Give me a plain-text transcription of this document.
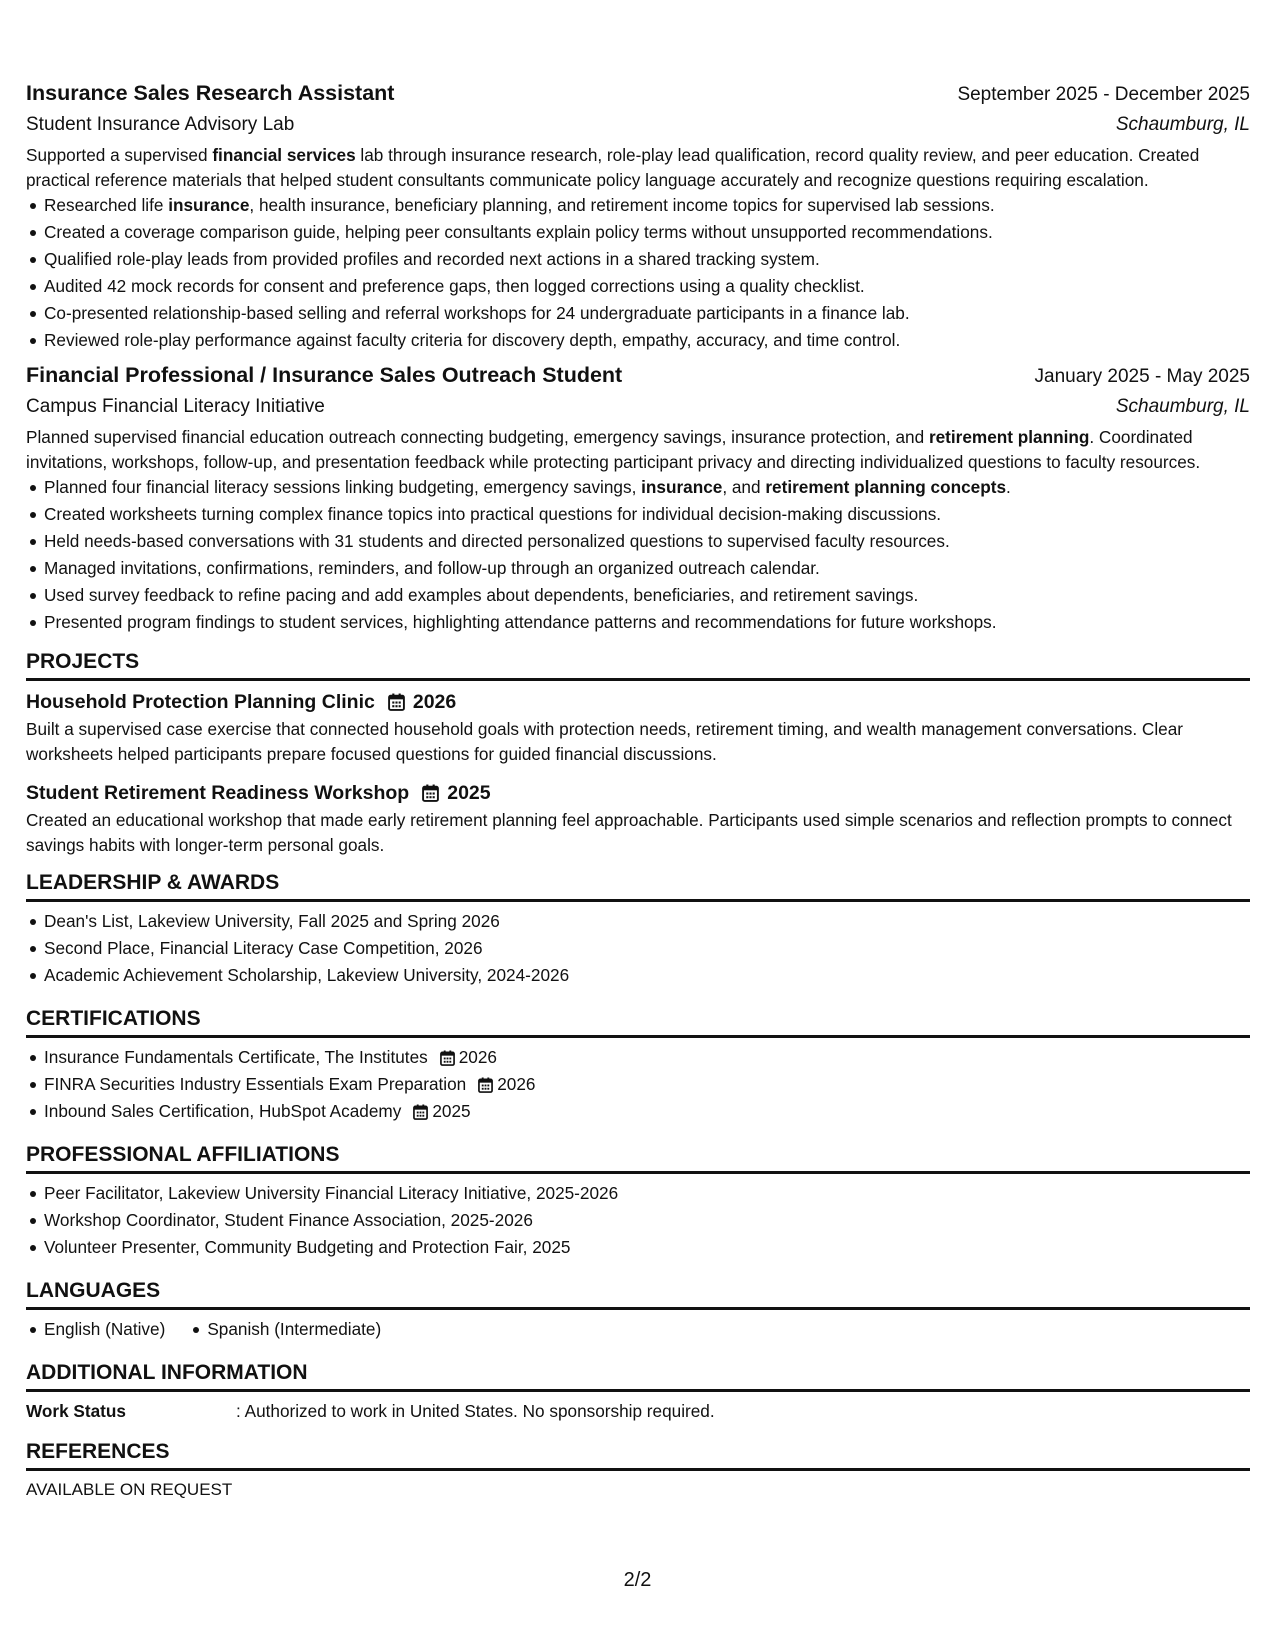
Insurance Sales Research Assistant	September 2025 - December 2025
Student Insurance Advisory Lab	Schaumburg, IL
Supported a supervised financial services lab through insurance research, role-play lead qualification, record quality review, and peer education. Created practical reference materials that helped student consultants communicate policy language accurately and recognize questions requiring escalation.
Researched life insurance, health insurance, beneficiary planning, and retirement income topics for supervised lab sessions.
Created a coverage comparison guide, helping peer consultants explain policy terms without unsupported recommendations.
Qualified role-play leads from provided profiles and recorded next actions in a shared tracking system.
Audited 42 mock records for consent and preference gaps, then logged corrections using a quality checklist.
Co-presented relationship-based selling and referral workshops for 24 undergraduate participants in a finance lab.
Reviewed role-play performance against faculty criteria for discovery depth, empathy, accuracy, and time control.
Financial Professional / Insurance Sales Outreach Student	January 2025 - May 2025
Campus Financial Literacy Initiative	Schaumburg, IL
Planned supervised financial education outreach connecting budgeting, emergency savings, insurance protection, and retirement planning. Coordinated invitations, workshops, follow-up, and presentation feedback while protecting participant privacy and directing individualized questions to faculty resources.
Planned four financial literacy sessions linking budgeting, emergency savings, insurance, and retirement planning concepts.
Created worksheets turning complex finance topics into practical questions for individual decision-making discussions.
Held needs-based conversations with 31 students and directed personalized questions to supervised faculty resources.
Managed invitations, confirmations, reminders, and follow-up through an organized outreach calendar.
Used survey feedback to refine pacing and add examples about dependents, beneficiaries, and retirement savings.
Presented program findings to student services, highlighting attendance patterns and recommendations for future workshops.
PROJECTS
Household Protection Planning Clinic 2026
Built a supervised case exercise that connected household goals with protection needs, retirement timing, and wealth management conversations. Clear worksheets helped participants prepare focused questions for guided financial discussions.
Student Retirement Readiness Workshop 2025
Created an educational workshop that made early retirement planning feel approachable. Participants used simple scenarios and reflection prompts to connect savings habits with longer-term personal goals.
LEADERSHIP & AWARDS
Dean's List, Lakeview University, Fall 2025 and Spring 2026
Second Place, Financial Literacy Case Competition, 2026
Academic Achievement Scholarship, Lakeview University, 2024-2026
CERTIFICATIONS
Insurance Fundamentals Certificate, The Institutes 2026
FINRA Securities Industry Essentials Exam Preparation 2026
Inbound Sales Certification, HubSpot Academy 2025
PROFESSIONAL AFFILIATIONS
Peer Facilitator, Lakeview University Financial Literacy Initiative, 2025-2026
Workshop Coordinator, Student Finance Association, 2025-2026
Volunteer Presenter, Community Budgeting and Protection Fair, 2025
LANGUAGES
English (Native) Spanish (Intermediate)
ADDITIONAL INFORMATION
Work Status	: Authorized to work in United States. No sponsorship required.
REFERENCES
AVAILABLE ON REQUEST
2/2
